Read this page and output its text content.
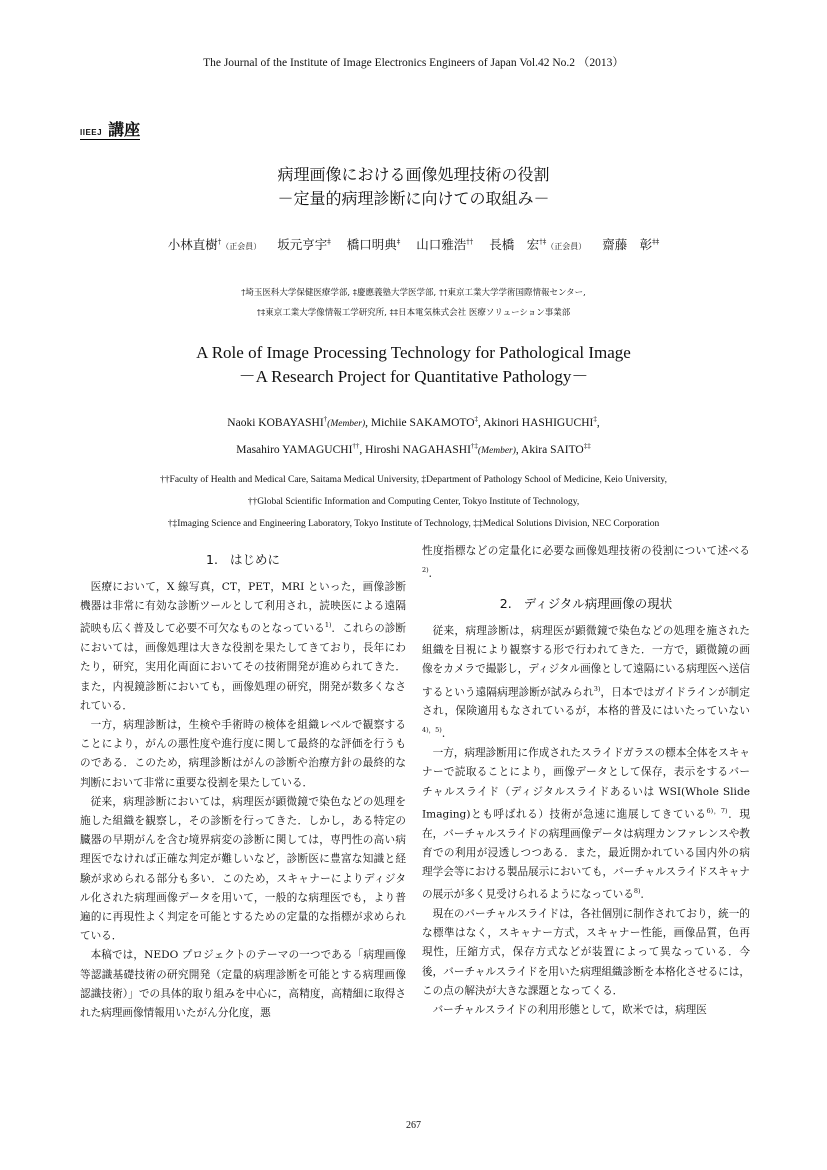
The Journal of the Institute of Image Electronics Engineers of Japan Vol.42 No.2 （2013）
IIEEJ 講座
病理画像における画像処理技術の役割
－定量的病理診断に向けての取組み－
小林直樹†（正会員） 坂元亨宇‡ 橋口明典‡ 山口雅浩†† 長橋　宏†‡（正会員） 齋藤　彰‡‡
†埼玉医科大学保健医療学部, ‡慶應義塾大学医学部, ††東京工業大学学術国際情報センター,
†‡東京工業大学像情報工学研究所, ‡‡日本電気株式会社 医療ソリューション事業部
A Role of Image Processing Technology for Pathological Image
－A Research Project for Quantitative Pathology－
Naoki KOBAYASHI†(Member), Michiie SAKAMOTO‡, Akinori HASHIGUCHI‡,
Masahiro YAMAGUCHI††, Hiroshi NAGAHASHI†‡(Member), Akira SAITO‡‡
††Faculty of Health and Medical Care, Saitama Medical University, ‡Department of Pathology School of Medicine, Keio University,
††Global Scientific Information and Computing Center, Tokyo Institute of Technology,
†‡Imaging Science and Engineering Laboratory, Tokyo Institute of Technology, ‡‡Medical Solutions Division, NEC Corporation
1. はじめに

医療において，X 線写真，CT，PET，MRI といった，画像診断機器は非常に有効な診断ツールとして利用され，読映医による遠隔読映も広く普及して必要不可欠なものとなっている$^{1)}$．これらの診断においては，画像処理は大きな役割を果たしてきており，長年にわたり，研究，実用化両面においてその技術開発が進められてきた．また，内視鏡診断においても，画像処理の研究，開発が数多くなされている．

一方，病理診断は，生検や手術時の検体を組織レベルで観察することにより，がんの悪性度や進行度に関して最終的な評価を行うものである．このため，病理診断はがんの診断や治療方針の最終的な判断において非常に重要な役割を果たしている．

従来，病理診断においては，病理医が顕微鏡で染色などの処理を施した組織を観察し，その診断を行ってきた．しかし，ある特定の臓器の早期がんを含む境界病変の診断に関しては，専門性の高い病理医でなければ正確な判定が難しいなど，診断医に豊富な知識と経験が求められる部分も多い．このため，スキャナーによりディジタル化された病理画像データを用いて，一般的な病理医でも，より普遍的に再現性よく判定を可能とするための定量的な指標が求められている．

本稿では，NEDO プロジェクトのテーマの一つである「病理画像等認識基礎技術の研究開発（定量的病理診断を可能とする病理画像認識技術）」での具体的取り組みを中心に，高精度，高精細に取得された病理画像情報用いたがん分化度，悪

性度指標などの定量化に必要な画像処理技術の役割について述べる$^{2)}$．

2. ディジタル病理画像の現状

従来，病理診断は，病理医が顕微鏡で染色などの処理を施された組織を目視により観察する形で行われてきた．一方で，顕微鏡の画像をカメラで撮影し，ディジタル画像として遠隔にいる病理医へ送信するという遠隔病理診断が試みられ$^{3)}$，日本ではガイドラインが制定され，保険適用もなされているが，本格的普及にはいたっていない$^{4),5)}$．

一方，病理診断用に作成されたスライドガラスの標本全体をスキャナーで読取ることにより，画像データとして保存，表示をするバーチャルスライド（ディジタルスライドあるいは WSI(Whole Slide Imaging)とも呼ばれる）技術が急速に進展してきている$^{6),7)}$．現在，バーチャルスライドの病理画像データは病理カンファレンスや教育での利用が浸透しつつある．また，最近開かれている国内外の病理学会等における製品展示においても，バーチャルスライドスキャナの展示が多く見受けられるようになっている$^{8)}$．

現在のバーチャルスライドは，各社個別に制作されており，統一的な標準はなく，スキャナー方式，スキャナー性能，画像品質，色再現性，圧縮方式，保存方式などが装置によって異なっている．今後，バーチャルスライドを用いた病理組織診断を本格化させるには，この点の解決が大きな課題となってくる．

バーチャルスライドの利用形態として，欧米では，病理医

267
